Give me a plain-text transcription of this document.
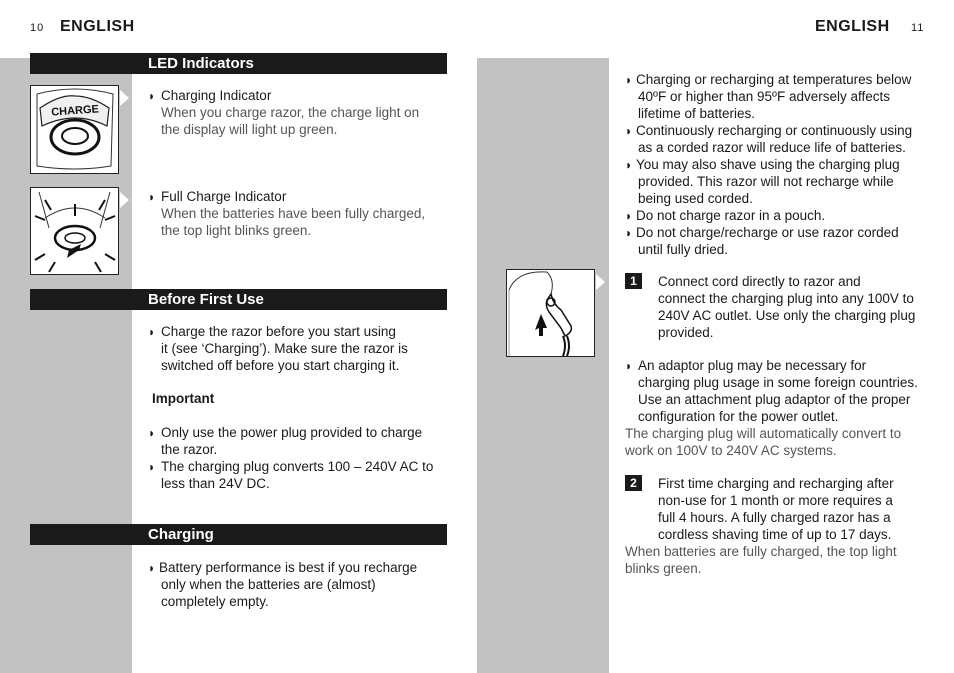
10 ENGLISH
LED Indicators
CHARGE
◗ Charging Indicator
When you charge razor, the charge light on
the display will light up green.
◗ Full Charge Indicator
When the batteries have been fully charged,
the top light blinks green.
Before First Use
◗ Charge the razor before you start using
it (see ‘Charging’). Make sure the razor is
switched off before you start charging it.
Important
◗ Only use the power plug provided to charge
the razor.
◗ The charging plug converts 100 – 240V AC to
less than 24V DC.
Charging
◗ Battery performance is best if you recharge
only when the batteries are (almost)
completely empty.
ENGLISH 11
◗ Charging or recharging at temperatures below
40ºF or higher than 95ºF adversely affects
lifetime of batteries.
◗ Continuously recharging or continuously using
as a corded razor will reduce life of batteries.
◗ You may also shave using the charging plug
provided. This razor will not recharge while
being used corded.
◗ Do not charge razor in a pouch.
◗ Do not charge/recharge or use razor corded
until fully dried.
1	Connect cord directly to razor and
connect the charging plug into any 100V to
240V AC outlet. Use only the charging plug
provided.
◗ An adaptor plug may be necessary for
charging plug usage in some foreign countries.
Use an attachment plug adaptor of the proper
configuration for the power outlet.
The charging plug will automatically convert to
work on 100V to 240V AC systems.
2	First time charging and recharging after
non-use for 1 month or more requires a
full 4 hours. A fully charged razor has a
cordless shaving time of up to 17 days.
When batteries are fully charged, the top light
blinks green.
